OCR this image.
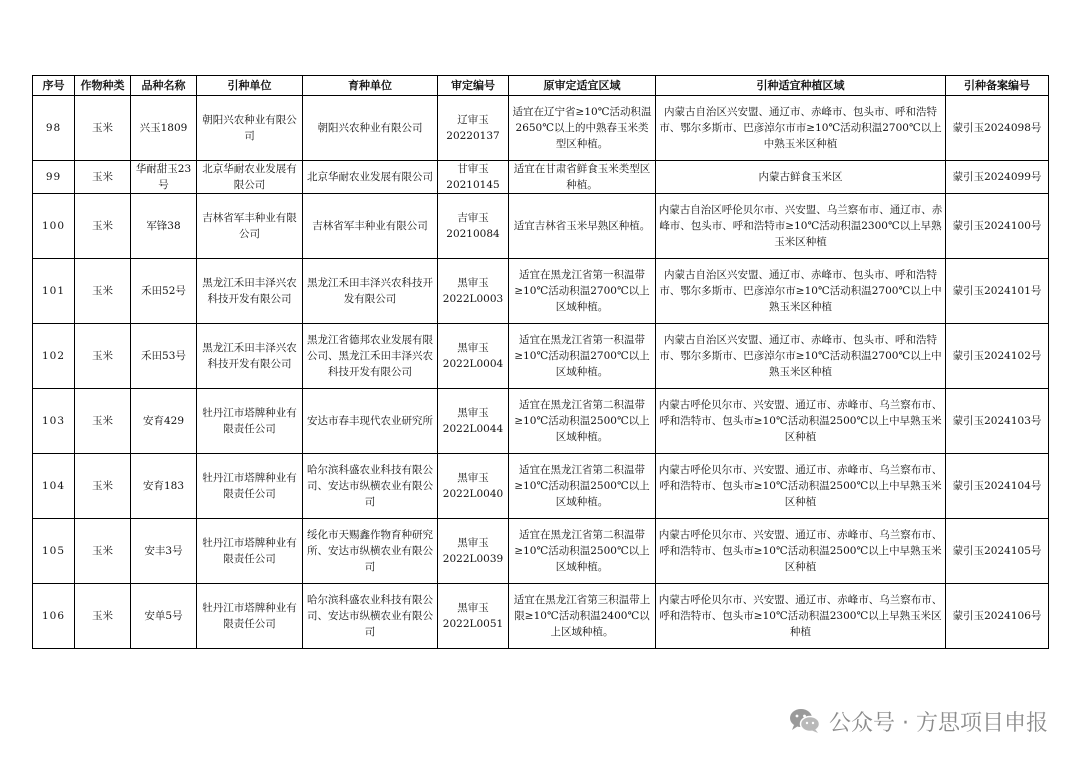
序号	作物种类	品种名称	引种单位	育种单位	审定编号	原审定适宜区域	引种适宜种植区域	引种备案编号
98	玉米	兴玉1809	朝阳兴农种业有限公司	朝阳兴农种业有限公司	辽审玉20220137	适宜在辽宁省≥10℃活动积温2650℃以上的中熟春玉米类型区种植。	内蒙古自治区兴安盟、通辽市、赤峰市、包头市、呼和浩特市、鄂尔多斯市、巴彦淖尔市市≥10℃活动积温2700℃以上中熟玉米区种植	蒙引玉2024098号
99	玉米	华耐甜玉23号	北京华耐农业发展有限公司	北京华耐农业发展有限公司	甘审玉20210145	适宜在甘肃省鲜食玉米类型区种植。	内蒙古鲜食玉米区	蒙引玉2024099号
100	玉米	军锋38	吉林省军丰种业有限公司	吉林省军丰种业有限公司	吉审玉20210084	适宜吉林省玉米早熟区种植。	内蒙古自治区呼伦贝尔市、兴安盟、乌兰察布市、通辽市、赤峰市、包头市、呼和浩特市≥10℃活动积温2300℃以上早熟玉米区种植	蒙引玉2024100号
101	玉米	禾田52号	黑龙江禾田丰泽兴农科技开发有限公司	黑龙江禾田丰泽兴农科技开发有限公司	黑审玉2022L0003	适宜在黑龙江省第一积温带≥10℃活动积温2700℃以上区域种植。	内蒙古自治区兴安盟、通辽市、赤峰市、包头市、呼和浩特市、鄂尔多斯市、巴彦淖尔市≥10℃活动积温2700℃以上中熟玉米区种植	蒙引玉2024101号
102	玉米	禾田53号	黑龙江禾田丰泽兴农科技开发有限公司	黑龙江省德邦农业发展有限公司、黑龙江禾田丰泽兴农科技开发有限公司	黑审玉2022L0004	适宜在黑龙江省第一积温带≥10℃活动积温2700℃以上区域种植。	内蒙古自治区兴安盟、通辽市、赤峰市、包头市、呼和浩特市、鄂尔多斯市、巴彦淖尔市≥10℃活动积温2700℃以上中熟玉米区种植	蒙引玉2024102号
103	玉米	安育429	牡丹江市塔牌种业有限责任公司	安达市春丰现代农业研究所	黑审玉2022L0044	适宜在黑龙江省第二积温带≥10℃活动积温2500℃以上区域种植。	内蒙古呼伦贝尔市、兴安盟、通辽市、赤峰市、乌兰察布市、呼和浩特市、包头市≥10℃活动积温2500℃以上中早熟玉米区种植	蒙引玉2024103号
104	玉米	安育183	牡丹江市塔牌种业有限责任公司	哈尔滨科盛农业科技有限公司、安达市纵横农业有限公司	黑审玉2022L0040	适宜在黑龙江省第二积温带≥10℃活动积温2500℃以上区域种植。	内蒙古呼伦贝尔市、兴安盟、通辽市、赤峰市、乌兰察布市、呼和浩特市、包头市≥10℃活动积温2500℃以上中早熟玉米区种植	蒙引玉2024104号
105	玉米	安丰3号	牡丹江市塔牌种业有限责任公司	绥化市天赐鑫作物育种研究所、安达市纵横农业有限公司	黑审玉2022L0039	适宜在黑龙江省第二积温带≥10℃活动积温2500℃以上区域种植。	内蒙古呼伦贝尔市、兴安盟、通辽市、赤峰市、乌兰察布市、呼和浩特市、包头市≥10℃活动积温2500℃以上中早熟玉米区种植	蒙引玉2024105号
106	玉米	安单5号	牡丹江市塔牌种业有限责任公司	哈尔滨科盛农业科技有限公司、安达市纵横农业有限公司	黑审玉2022L0051	适宜在黑龙江省第三积温带上限≥10℃活动积温2400℃以上区域种植。	内蒙古呼伦贝尔市、兴安盟、通辽市、赤峰市、乌兰察布市、呼和浩特市、包头市≥10℃活动积温2300℃以上早熟玉米区种植	蒙引玉2024106号
公众号 · 方思项目申报
